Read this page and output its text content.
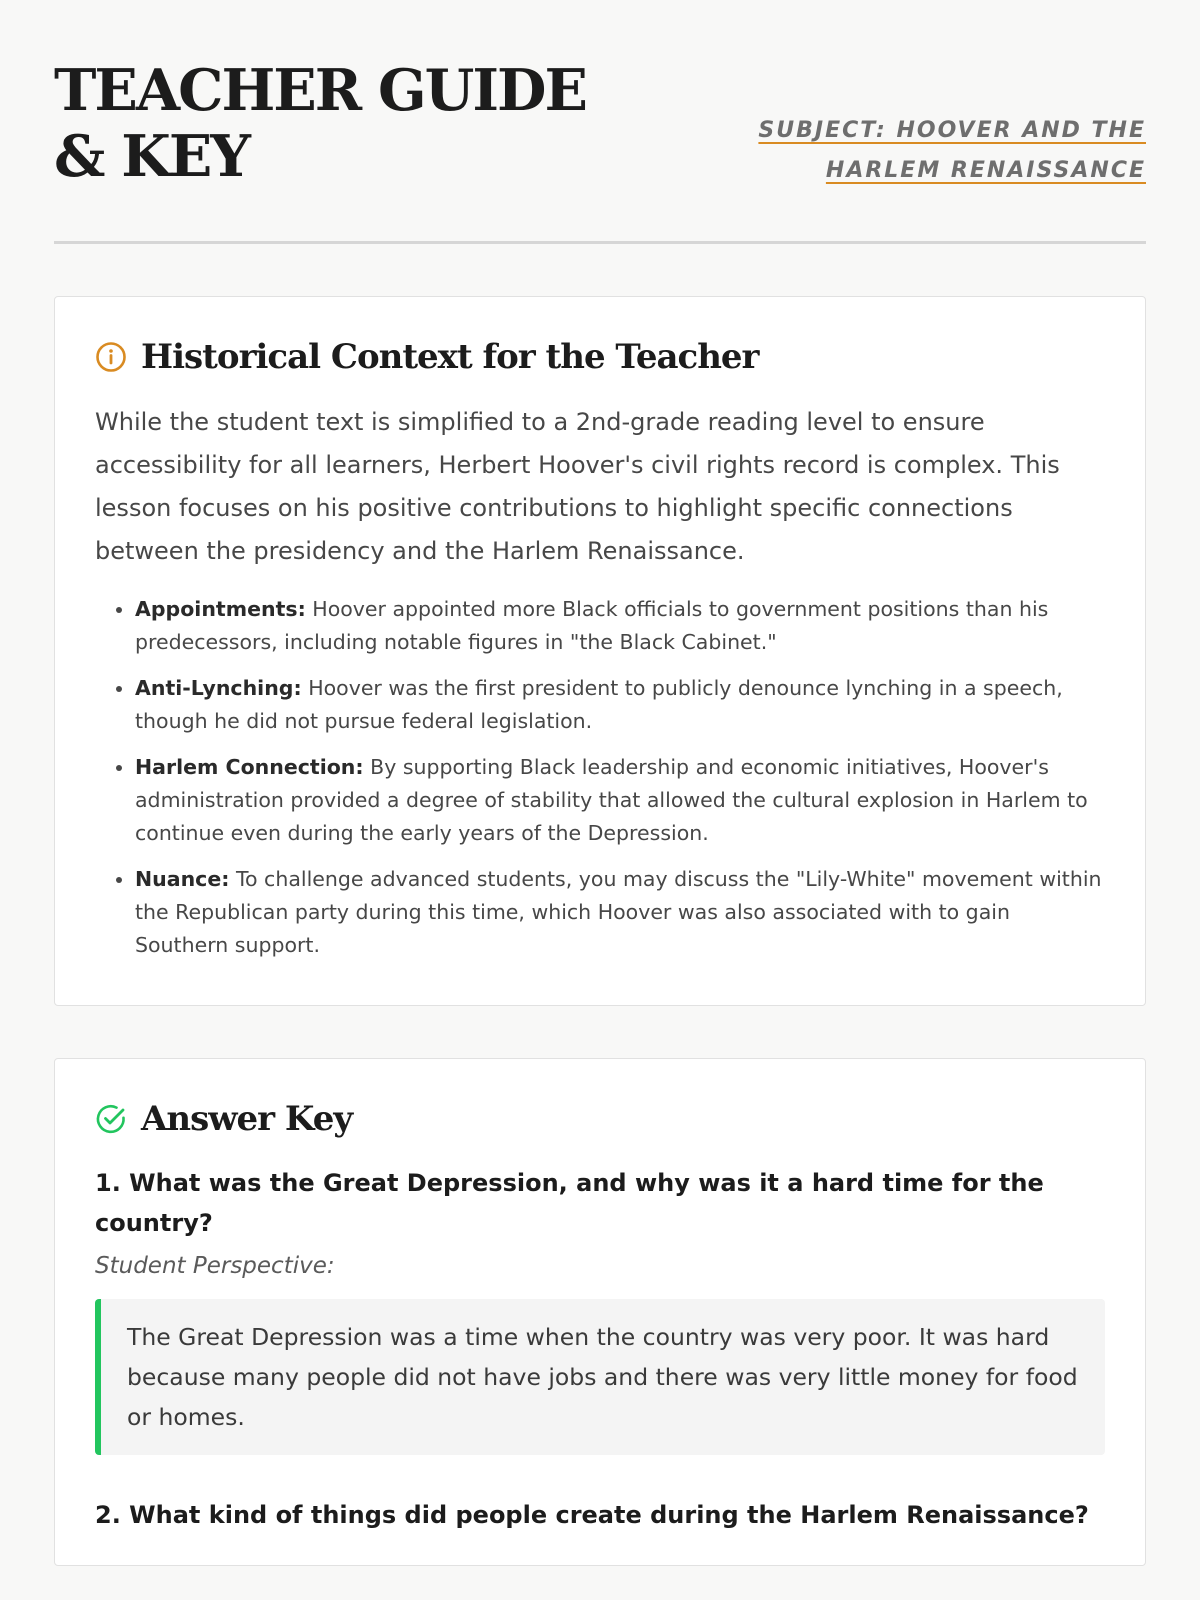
TEACHER GUIDE & KEY	SUBJECT: HOOVER AND THE HARLEM RENAISSANCE
Historical Context for the Teacher

While the student text is simplified to a 2nd-grade reading level to ensure accessibility for all learners, Herbert Hoover's civil rights record is complex. This lesson focuses on his positive contributions to highlight specific connections between the presidency and the Harlem Renaissance.

• Appointments: Hoover appointed more Black officials to government positions than his predecessors, including notable figures in "the Black Cabinet."
• Anti-Lynching: Hoover was the first president to publicly denounce lynching in a speech, though he did not pursue federal legislation.
• Harlem Connection: By supporting Black leadership and economic initiatives, Hoover's administration provided a degree of stability that allowed the cultural explosion in Harlem to continue even during the early years of the Depression.
• Nuance: To challenge advanced students, you may discuss the "Lily-White" movement within the Republican party during this time, which Hoover was also associated with to gain Southern support.
Answer Key

1. What was the Great Depression, and why was it a hard time for the country?

Student Perspective:

The Great Depression was a time when the country was very poor. It was hard because many people did not have jobs and there was very little money for food or homes.

2. What kind of things did people create during the Harlem Renaissance?
